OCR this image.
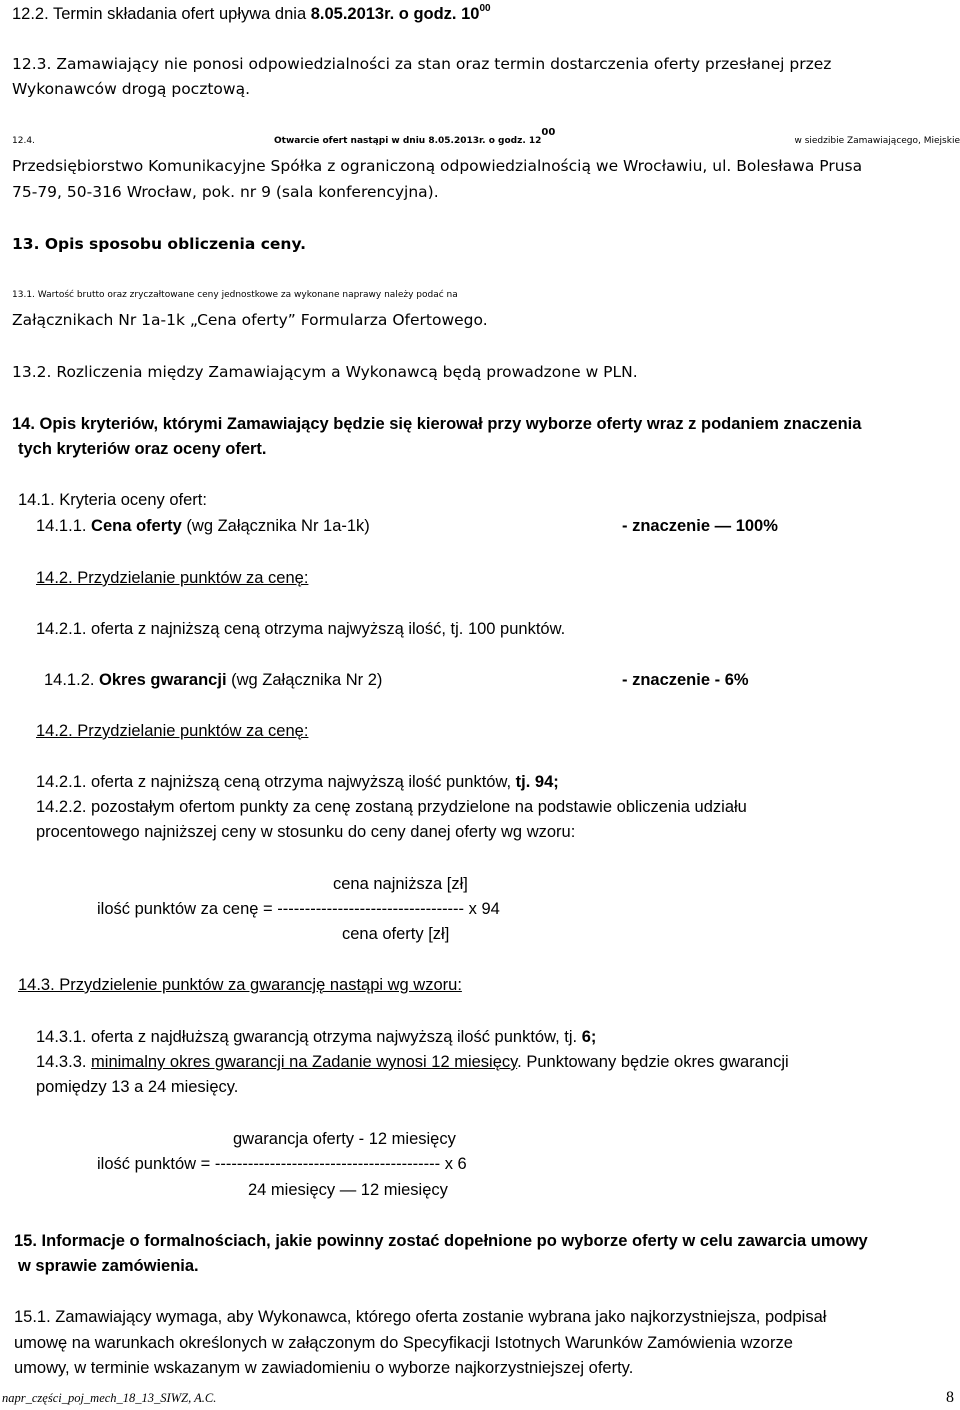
12.2. Termin składania ofert upływa dnia 8.05.2013r. o godz. $10^{00}$
12.3. Zamawiający nie ponosi odpowiedzialności za stan oraz termin dostarczenia oferty przesłanej przez
Wykonawców drogą pocztową.
12.4.	Otwarcie ofert nastąpi w dniu 8.05.2013r. o godz. $12^{00}$
w siedzibie Zamawiającego, Miejskie
Przedsiębiorstwo Komunikacyjne Spółka z ograniczoną odpowiedzialnością we Wrocławiu, ul. Bolesława Prusa
75-79, 50-316 Wrocław, pok. nr 9 (sala konferencyjna).
13. Opis sposobu obliczenia ceny.
13.1. Wartość brutto oraz zryczałtowane ceny jednostkowe za wykonane naprawy należy podać na
Załącznikach Nr 1a-1k „Cena oferty” Formularza Ofertowego.
13.2. Rozliczenia między Zamawiającym a Wykonawcą będą prowadzone w PLN.
14. Opis kryteriów, którymi Zamawiający będzie się kierował przy wyborze oferty wraz z podaniem znaczenia
tych kryteriów oraz oceny ofert.
14.1. Kryteria oceny ofert:
14.1.1. Cena oferty (wg Załącznika Nr 1a-1k)	- znaczenie — 100%
14.2. Przydzielanie punktów za cenę:
14.2.1. oferta z najniższą ceną otrzyma najwyższą ilość, tj. 100 punktów.
14.1.2. Okres gwarancji (wg Załącznika Nr 2)	- znaczenie - 6%
14.2. Przydzielanie punktów za cenę:
14.2.1. oferta z najniższą ceną otrzyma najwyższą ilość punktów, tj. 94;
14.2.2. pozostałym ofertom punkty za cenę zostaną przydzielone na podstawie obliczenia udziału
procentowego najniższej ceny w stosunku do ceny danej oferty wg wzoru:
cena najniższa [zł]
ilość punktów za cenę = ---------------------------------- x 94
cena oferty [zł]
14.3. Przydzielenie punktów za gwarancję nastąpi wg wzoru:
14.3.1. oferta z najdłuższą gwarancją otrzyma najwyższą ilość punktów, tj. 6;
14.3.3. minimalny okres gwarancji na Zadanie wynosi 12 miesięcy. Punktowany będzie okres gwarancji
pomiędzy 13 a 24 miesięcy.
gwarancja oferty - 12 miesięcy
ilość punktów = ----------------------------------------- x 6
24 miesięcy — 12 miesięcy
15. Informacje o formalnościach, jakie powinny zostać dopełnione po wyborze oferty w celu zawarcia umowy
w sprawie zamówienia.
15.1. Zamawiający wymaga, aby Wykonawca, którego oferta zostanie wybrana jako najkorzystniejsza, podpisał
umowę na warunkach określonych w załączonym do Specyfikacji Istotnych Warunków Zamówienia wzorze
umowy, w terminie wskazanym w zawiadomieniu o wyborze najkorzystniejszej oferty.
napr_części_poj_mech_18_13_SIWZ, A.C.	8
